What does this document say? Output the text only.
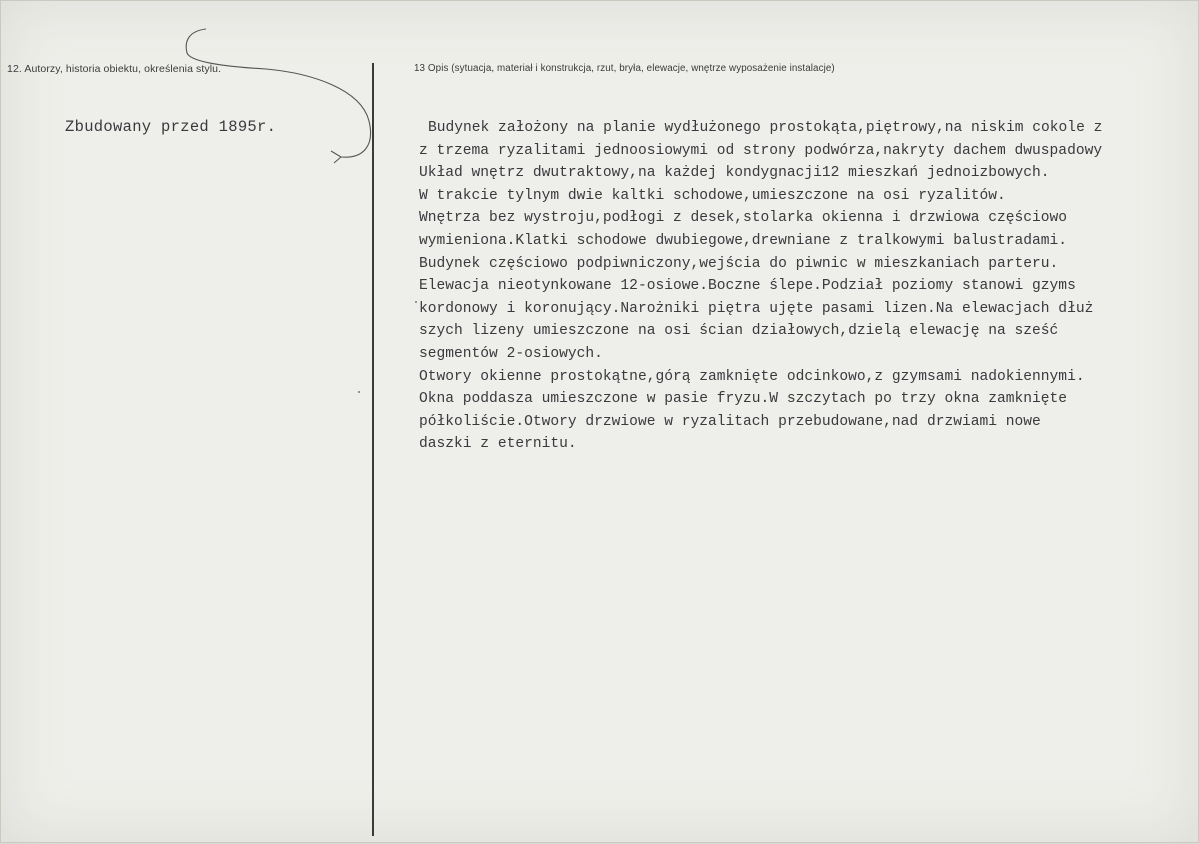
12. Autorzy, historia obiektu, określenia stylu.	13 Opis (sytuacja, materiał i konstrukcja, rzut, bryła, elewacje, wnętrze wyposażenie instalacje)
Zbudowany przed 1895r.	Budynek założony na planie wydłużonego prostokąta,piętrowy,na niskim cokole z
z trzema ryzalitami jednoosiowymi od strony podwórza,nakryty dachem dwuspadowy
Układ wnętrz dwutraktowy,na każdej kondygnacji12 mieszkań jednoizbowych.
W trakcie tylnym dwie kaltki schodowe,umieszczone na osi ryzalitów.
Wnętrza bez wystroju,podłogi z desek,stolarka okienna i drzwiowa częściowo
wymieniona.Klatki schodowe dwubiegowe,drewniane z tralkowymi balustradami.
Budynek częściowo podpiwniczony,wejścia do piwnic w mieszkaniach parteru.
Elewacja nieotynkowane 12-osiowe.Boczne ślepe.Podział poziomy stanowi gzyms
kordonowy i koronujący.Narożniki piętra ujęte pasami lizen.Na elewacjach dłuż
szych lizeny umieszczone na osi ścian działowych,dzielą elewację na sześć
segmentów 2-osiowych.
Otwory okienne prostokątne,górą zamknięte odcinkowo,z gzymsami nadokiennymi.
Okna poddasza umieszczone w pasie fryzu.W szczytach po trzy okna zamknięte
półkoliście.Otwory drzwiowe w ryzalitach przebudowane,nad drzwiami nowe
daszki z eternitu.
